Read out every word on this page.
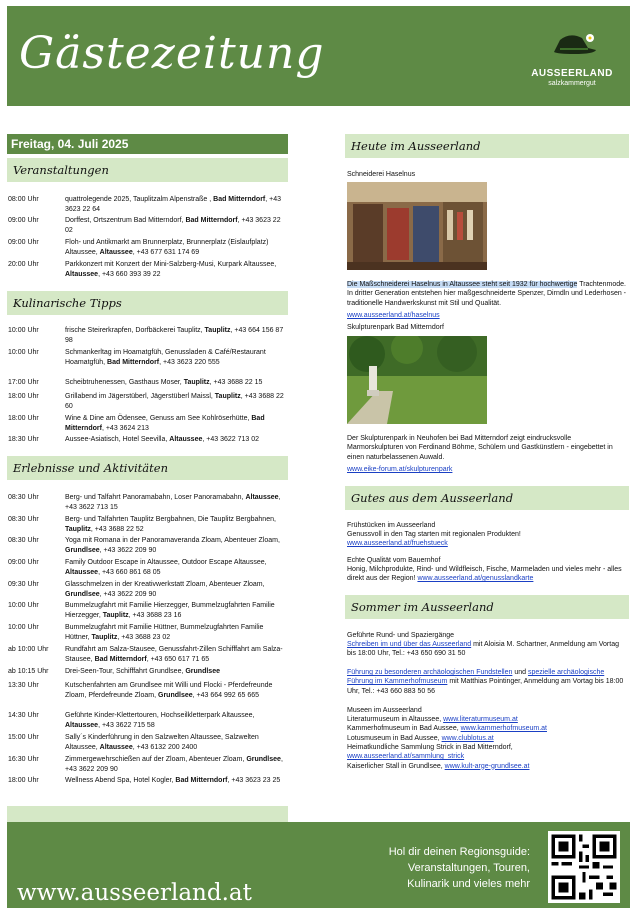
Gästezeitung	AUSSEERLAND
salzkammergut
Freitag, 04. Juli 2025
Veranstaltungen
08:00 Uhr	quattrolegende 2025, Tauplitzalm Alpenstraße , Bad Mitterndorf, +43 3623 22 64
09:00 Uhr	Dorffest, Ortszentrum Bad Mitterndorf, Bad Mitterndorf, +43 3623 22 02
09:00 Uhr	Floh- und Antikmarkt am Brunnerplatz, Brunnerplatz (Eislaufplatz) Altaussee, Altaussee, +43 677 631 174 69
20:00 Uhr	Parkkonzert mit Konzert der Mini-Salzberg-Musi, Kurpark Altaussee, Altaussee, +43 660 393 39 22
Kulinarische Tipps
10:00 Uhr	frische Steirerkrapfen, Dorfbäckerei Tauplitz, Tauplitz, +43 664 156 87 98
10:00 Uhr	Schmankerltag im Hoamatgfüh, Genussladen & Café/Restaurant Hoamatgfüh, Bad Mitterndorf, +43 3623 220 555
17:00 Uhr	Scheibtruhenessen, Gasthaus Moser, Tauplitz, +43 3688 22 15
18:00 Uhr	Grillabend im Jägerstüberl, Jägerstüberl Maissl, Tauplitz, +43 3688 22 60
18:00 Uhr	Wine & Dine am Ödensee, Genuss am See Kohlröserhütte, Bad Mitterndorf, +43 3624 213
18:30 Uhr	Aussee-Asiatisch, Hotel Seevilla, Altaussee, +43 3622 713 02
Erlebnisse und Aktivitäten
08:30 Uhr	Berg- und Talfahrt Panoramabahn, Loser Panoramabahn, Altaussee, +43 3622 713 15
08:30 Uhr	Berg- und Talfahrten Tauplitz Bergbahnen, Die Tauplitz Bergbahnen, Tauplitz, +43 3688 22 52
08:30 Uhr	Yoga mit Romana in der Panoramaveranda Zloam, Abenteuer Zloam, Grundlsee, +43 3622 209 90
09:00 Uhr	Family Outdoor Escape in Altaussee, Outdoor Escape Altaussee, Altaussee, +43 660 861 68 05
09:30 Uhr	Glasschmelzen in der Kreativwerkstatt Zloam, Abenteuer Zloam, Grundlsee, +43 3622 209 90
10:00 Uhr	Bummelzugfahrt mit Familie Hierzegger, Bummelzugfahrten Familie Hierzegger, Tauplitz, +43 3688 23 16
10:00 Uhr	Bummelzugfahrt mit Familie Hüttner, Bummelzugfahrten Familie Hüttner, Tauplitz, +43 3688 23 02
ab 10:00 Uhr	Rundfahrt am Salza-Stausee, Genussfahrt-Zillen Schifffahrt am Salza-Stausee, Bad Mitterndorf, +43 650 617 71 65
ab 10:15 Uhr	Drei-Seen-Tour, Schifffahrt Grundlsee, Grundlsee
13:30 Uhr	Kutschenfahrten am Grundlsee mit Willi und Flocki - Pferdefreunde Zloam, Pferdefreunde Zloam, Grundlsee, +43 664 992 65 665
14:30 Uhr	Geführte Kinder-Klettertouren, Hochseilkletterpark Altaussee, Altaussee, +43 3622 715 58
15:00 Uhr	Sally´s Kinderführung in den Salzwelten Altaussee, Salzwelten Altaussee, Altaussee, +43 6132 200 2400
16:30 Uhr	Zimmergewehrschießen auf der Zloam, Abenteuer Zloam, Grundlsee, +43 3622 209 90
18:00 Uhr	Wellness Abend Spa, Hotel Kogler, Bad Mitterndorf, +43 3623 23 25
Heute im Ausseerland
Schneiderei Haselnus
Die Maßschneiderei Haselnus in Altaussee steht seit 1932 für hochwertige Trachtenmode. In dritter Generation entstehen hier maßgeschneiderte Spenzer, Dirndln und Lederhosen - traditionelle Handwerkskunst mit Stil und Qualität.
www.ausseerland.at/haselnus
Skulpturenpark Bad Mitterndorf
Der Skulpturenpark in Neuhofen bei Bad Mitterndorf zeigt eindrucksvolle Marmorskulpturen von Ferdinand Böhme, Schülern und Gastkünstlern - eingebettet in einen naturbelassenen Auwald.
www.eike-forum.at/skulpturenpark
Gutes aus dem Ausseerland
Frühstücken im Ausseerland
Genussvoll in den Tag starten mit regionalen Produkten!
www.ausseerland.at/fruehstueck
Echte Qualität vom Bauernhof
Honig, Milchprodukte, Rind- und Wildfleisch, Fische, Marmeladen und vieles mehr - alles direkt aus der Region! www.ausseerland.at/genusslandkarte
Sommer im Ausseerland
Geführte Rund- und Spaziergänge
Schreiben im und über das Ausseerland mit Aloisia M. Schartner, Anmeldung am Vortag bis 18:00 Uhr, Tel.: +43 650 690 31 50
Führung zu besonderen archäologischen Fundstellen und spezielle archäologische Führung im Kammerhofmuseum mit Matthias Pointinger, Anmeldung am Vortag bis 18:00 Uhr, Tel.: +43 660 883 50 56
Museen im Ausseerland
Literaturmuseum in Altaussee, www.literaturmuseum.at
Kammerhofmuseum in Bad Aussee, www.kammerhofmuseum.at
Lotusmuseum in Bad Aussee, www.clublotus.at
Heimatkundliche Sammlung Strick in Bad Mitterndorf,
www.ausseerland.at/sammlung_strick
Kaiserlicher Stall in Grundlsee, www.kult-arge-grundlsee.at
www.ausseerland.at
Hol dir deinen Regionsguide:
Veranstaltungen, Touren,
Kulinarik und vieles mehr
